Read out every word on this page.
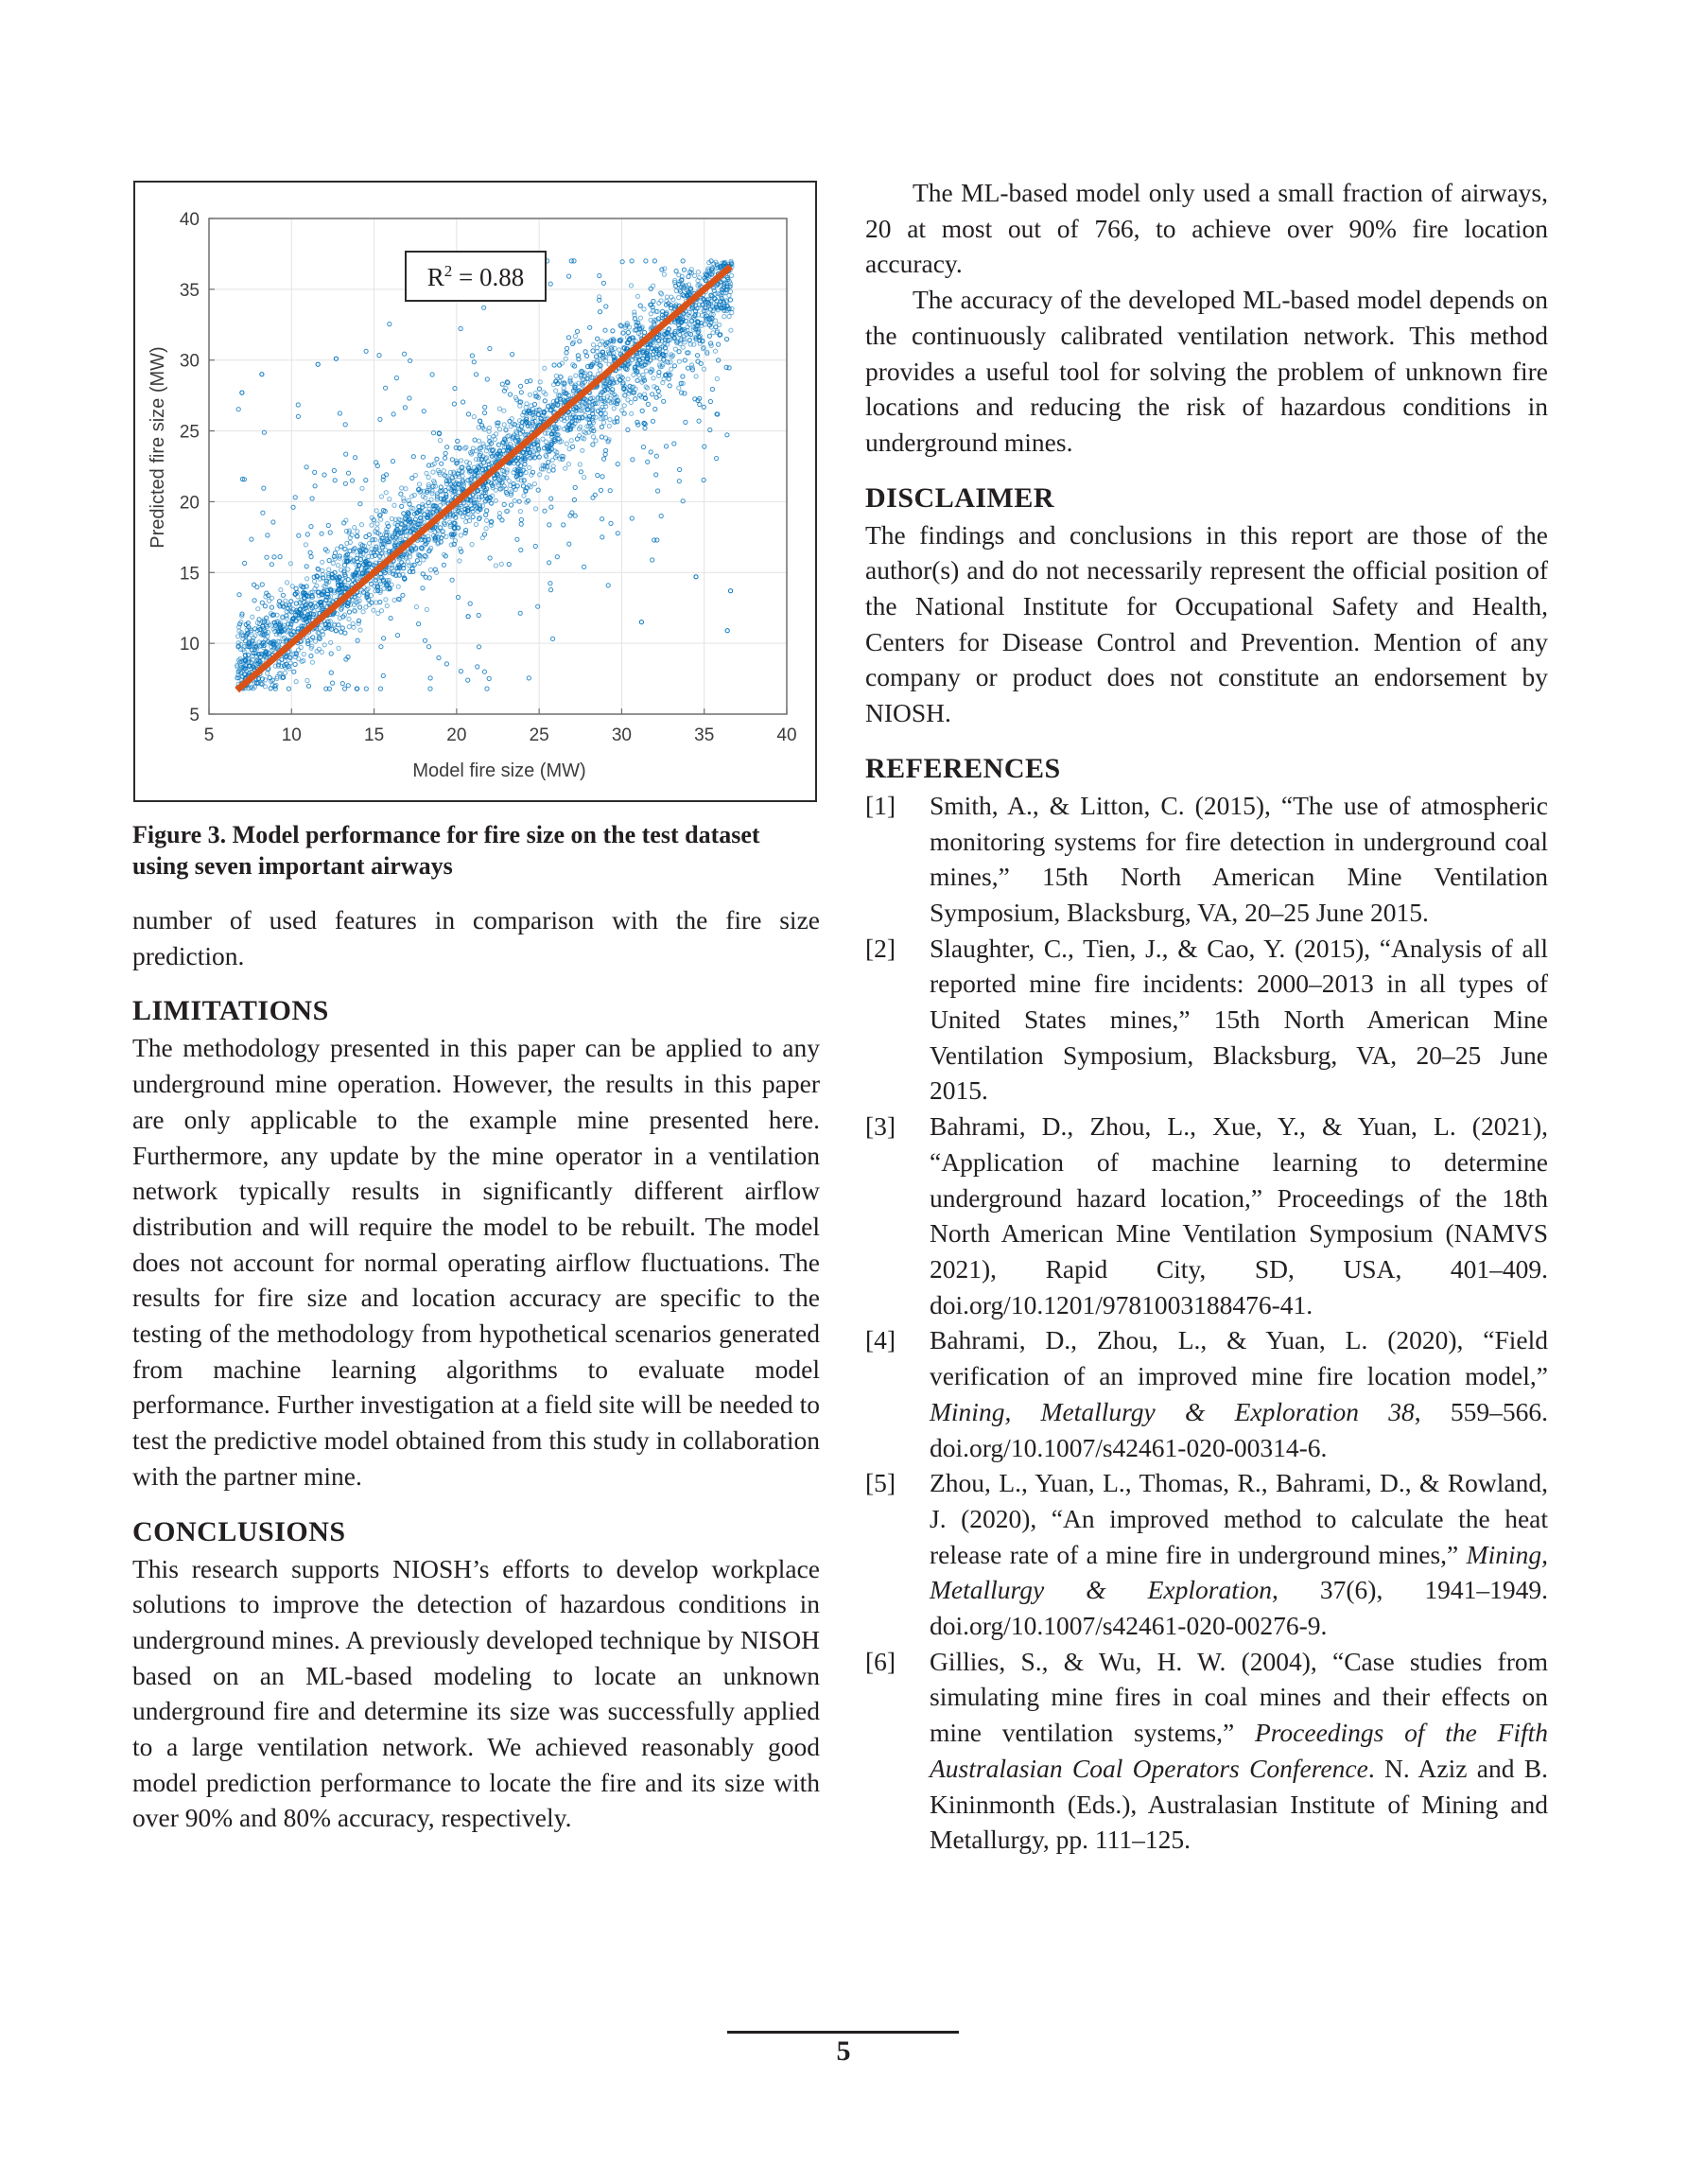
5	10	15	20	25	30	35	40
5
10
15
20
25
30
35
40
$R^2 = 0.88$
Model fire size (MW)
Predicted fire size (MW)
Figure 3. Model performance for fire size on the test dataset using seven important airways

number of used features in comparison with the fire size prediction.

LIMITATIONS

The methodology presented in this paper can be applied to any underground mine operation. However, the results in this paper are only applicable to the example mine presented here. Furthermore, any update by the mine operator in a ventilation network typically results in significantly different airflow distribution and will require the model to be rebuilt. The model does not account for normal operating airflow fluctuations. The results for fire size and location accuracy are specific to the testing of the methodology from hypothetical scenarios generated from machine learning algorithms to evaluate model performance. Further investigation at a field site will be needed to test the predictive model obtained from this study in collaboration with the partner mine.

CONCLUSIONS

This research supports NIOSH’s efforts to develop workplace solutions to improve the detection of hazardous conditions in underground mines. A previously developed technique by NISOH based on an ML-based modeling to locate an unknown underground fire and determine its size was successfully applied to a large ventilation network. We achieved reasonably good model prediction performance to locate the fire and its size with over 90% and 80% accuracy, respectively.

The ML-based model only used a small fraction of airways, 20 at most out of 766, to achieve over 90% fire location accuracy.

The accuracy of the developed ML-based model depends on the continuously calibrated ventilation network. This method provides a useful tool for solving the problem of unknown fire locations and reducing the risk of hazardous conditions in underground mines.

DISCLAIMER

The findings and conclusions in this report are those of the author(s) and do not necessarily represent the official position of the National Institute for Occupational Safety and Health, Centers for Disease Control and Prevention. Mention of any company or product does not constitute an endorsement by NIOSH.

REFERENCES
[1]	Smith, A., & Litton, C. (2015), “The use of atmospheric monitoring systems for fire detection in underground coal mines,” 15th North American Mine Ventilation Symposium, Blacksburg, VA, 20–25 June 2015.
[2]	Slaughter, C., Tien, J., & Cao, Y. (2015), “Analysis of all reported mine fire incidents: 2000–2013 in all types of United States mines,” 15th North American Mine Ventilation Symposium, Blacksburg, VA, 20–25 June 2015.
[3]	Bahrami, D., Zhou, L., Xue, Y., & Yuan, L. (2021), “Application of machine learning to determine underground hazard location,” Proceedings of the 18th North American Mine Ventilation Symposium (NAMVS 2021), Rapid City, SD, USA, 401–409. doi.org/10.1201/9781003188476-41.
[4]	Bahrami, D., Zhou, L., & Yuan, L. (2020), “Field verification of an improved mine fire location model,” Mining, Metallurgy & Exploration 38, 559–566. doi.org/10.1007/s42461-020-00314-6.
[5]	Zhou, L., Yuan, L., Thomas, R., Bahrami, D., & Rowland, J. (2020), “An improved method to calculate the heat release rate of a mine fire in underground mines,” Mining, Metallurgy & Exploration, 37(6), 1941–1949. doi.org/10.1007/s42461-020-00276-9.
[6]	Gillies, S., & Wu, H. W. (2004), “Case studies from simulating mine fires in coal mines and their effects on mine ventilation systems,” Proceedings of the Fifth Australasian Coal Operators Conference. N. Aziz and B. Kininmonth (Eds.), Australasian Institute of Mining and Metallurgy, pp. 111–125.
5
